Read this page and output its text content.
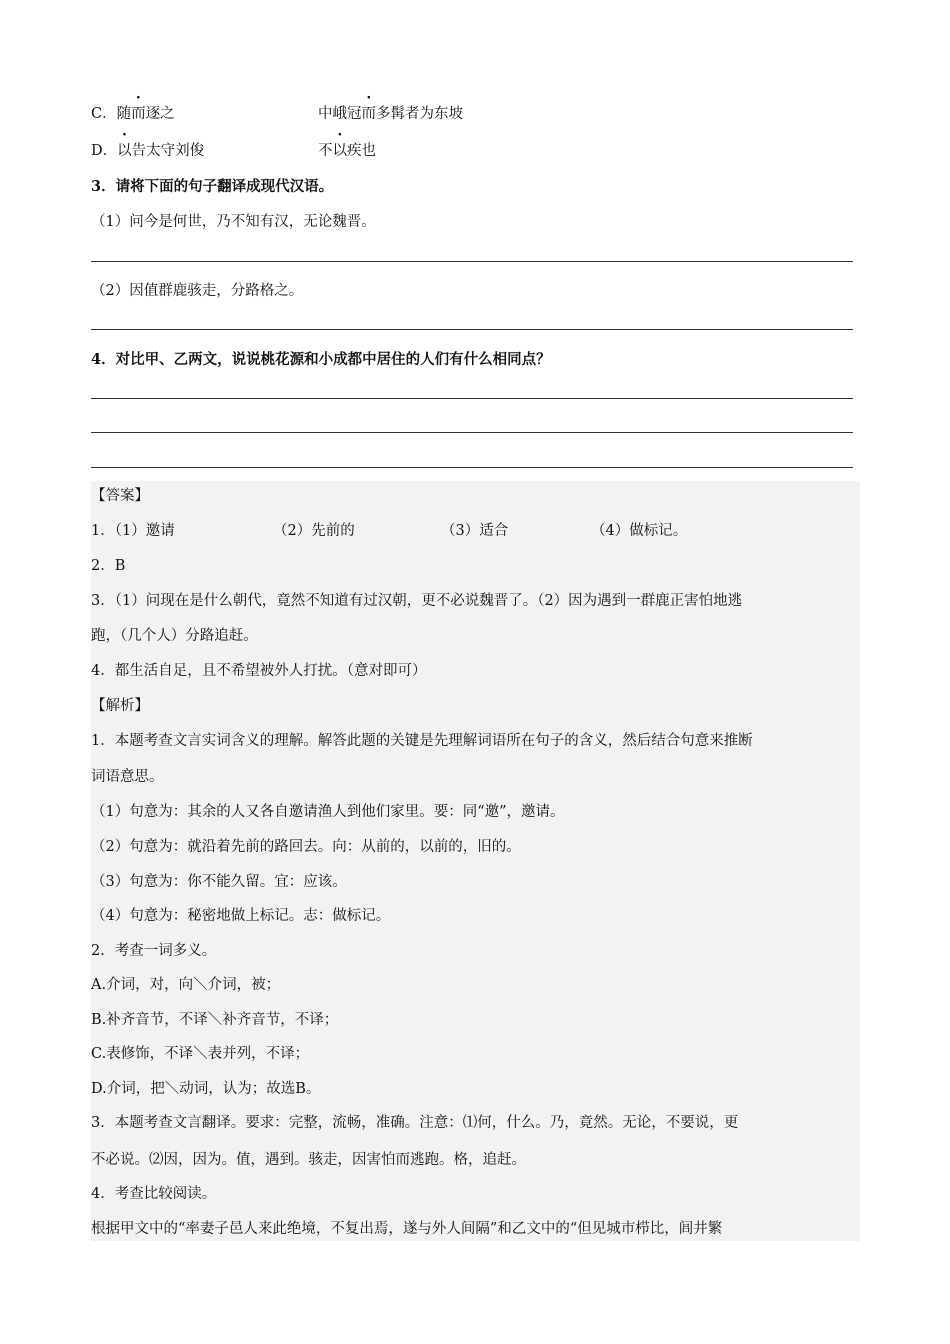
C．随而逐之	中峨冠而多髯者为东坡
D．以告太守刘俊	不以疾也
3．请将下面的句子翻译成现代汉语。
（1）问今是何世，乃不知有汉，无论魏晋。
（2）因值群鹿骇走，分路格之。
4．对比甲、乙两文，说说桃花源和小成都中居住的人们有什么相同点？
【答案】
1．（1）邀请	（2）先前的	（3）适合	（4）做标记。
2．B
3．（1）问现在是什么朝代，竟然不知道有过汉朝，更不必说魏晋了。（2）因为遇到一群鹿正害怕地逃
跑，（几个人）分路追赶。
4．都生活自足，且不希望被外人打扰。（意对即可）
【解析】
1．本题考查文言实词含义的理解。解答此题的关键是先理解词语所在句子的含义，然后结合句意来推断
词语意思。
（1）句意为：其余的人又各自邀请渔人到他们家里。要：同“邀”，邀请。
（2）句意为：就沿着先前的路回去。向：从前的，以前的，旧的。
（3）句意为：你不能久留。宜：应该。
（4）句意为：秘密地做上标记。志：做标记。
2．考查一词多义。
A.介词，对，向＼介词，被；
B.补齐音节，不译＼补齐音节，不译；
C.表修饰，不译＼表并列，不译；
D.介词，把＼动词，认为；故选B。
3．本题考查文言翻译。要求：完整，流畅，准确。注意：⑴何，什么。乃，竟然。无论，不要说，更
不必说。⑵因，因为。值，遇到。骇走，因害怕而逃跑。格，追赶。
4．考查比较阅读。
根据甲文中的“率妻子邑人来此绝境，不复出焉，遂与外人间隔”和乙文中的“但见城市栉比，闾井繁
